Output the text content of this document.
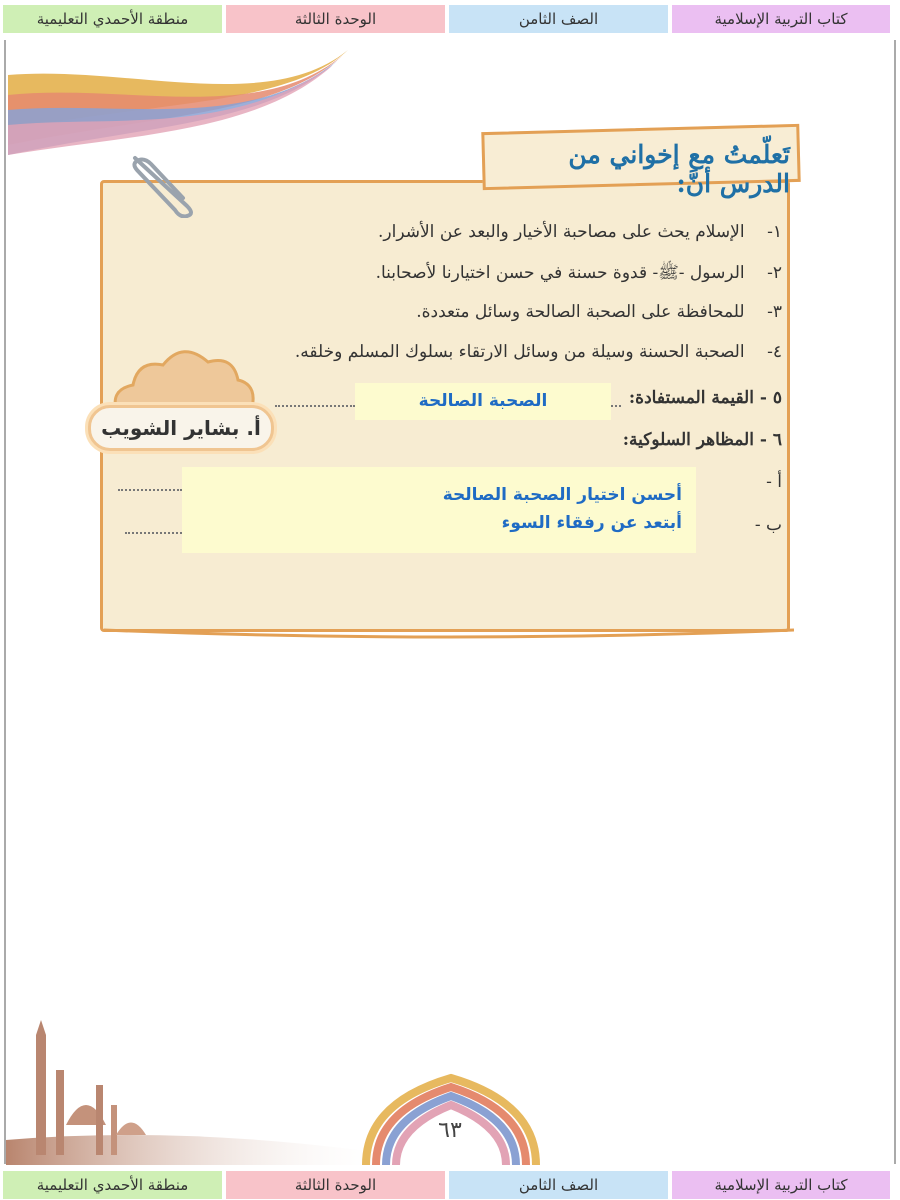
كتاب التربية الإسلامية
الصف الثامن
الوحدة الثالثة
منطقة الأحمدي التعليمية
تَعلّمتُ مع إخواني من الدرس أنَّ:
١- الإسلام يحث على مصاحبة الأخيار والبعد عن الأشرار.
٢- الرسول -ﷺ- قدوة حسنة في حسن اختيارنا لأصحابنا.
٣- للمحافظة على الصحبة الصالحة وسائل متعددة.
٤- الصحبة الحسنة وسيلة من وسائل الارتقاء بسلوك المسلم وخلقه.
٥ - القيمة المستفادة:
الصحبة الصالحة
٦ - المظاهر السلوكية:
أ -
ب -
أحسن اختيار الصحبة الصالحة
أبتعد عن رفقاء السوء
أ. بشاير الشويب
٦٣
كتاب التربية الإسلامية
الصف الثامن
الوحدة الثالثة
منطقة الأحمدي التعليمية
